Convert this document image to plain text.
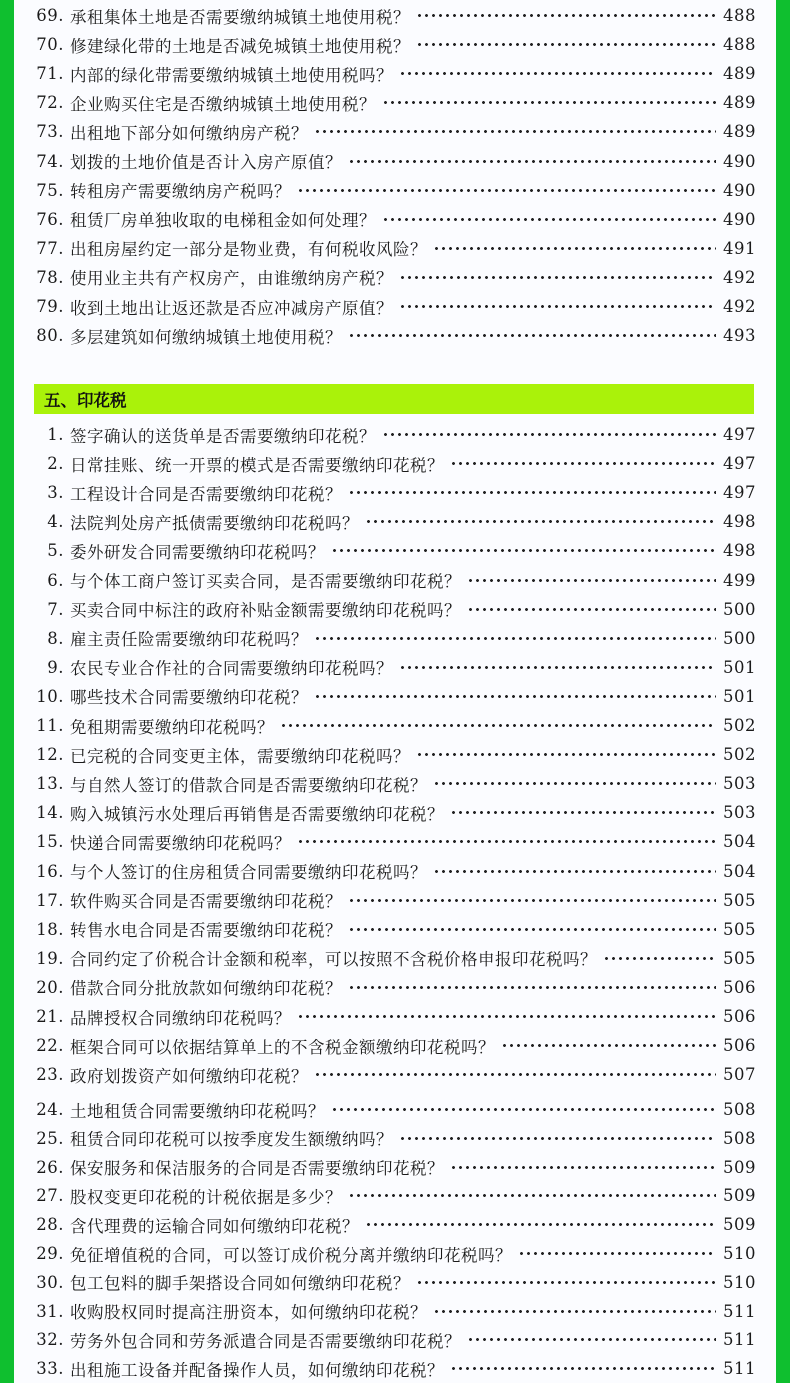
69. 承租集体土地是否需要缴纳城镇土地使用税？	488
70. 修建绿化带的土地是否减免城镇土地使用税？	488
71. 内部的绿化带需要缴纳城镇土地使用税吗？	489
72. 企业购买住宅是否缴纳城镇土地使用税？	489
73. 出租地下部分如何缴纳房产税？	489
74. 划拨的土地价值是否计入房产原值？	490
75. 转租房产需要缴纳房产税吗？	490
76. 租赁厂房单独收取的电梯租金如何处理？	490
77. 出租房屋约定一部分是物业费，有何税收风险？	491
78. 使用业主共有产权房产，由谁缴纳房产税？	492
79. 收到土地出让返还款是否应冲减房产原值？	492
80. 多层建筑如何缴纳城镇土地使用税？	493
五、印花税
1. 签字确认的送货单是否需要缴纳印花税？	497
2. 日常挂账、统一开票的模式是否需要缴纳印花税？	497
3. 工程设计合同是否需要缴纳印花税？	497
4. 法院判处房产抵债需要缴纳印花税吗？	498
5. 委外研发合同需要缴纳印花税吗？	498
6. 与个体工商户签订买卖合同，是否需要缴纳印花税？	499
7. 买卖合同中标注的政府补贴金额需要缴纳印花税吗？	500
8. 雇主责任险需要缴纳印花税吗？	500
9. 农民专业合作社的合同需要缴纳印花税吗？	501
10. 哪些技术合同需要缴纳印花税？	501
11. 免租期需要缴纳印花税吗？	502
12. 已完税的合同变更主体，需要缴纳印花税吗？	502
13. 与自然人签订的借款合同是否需要缴纳印花税？	503
14. 购入城镇污水处理后再销售是否需要缴纳印花税？	503
15. 快递合同需要缴纳印花税吗？	504
16. 与个人签订的住房租赁合同需要缴纳印花税吗？	504
17. 软件购买合同是否需要缴纳印花税？	505
18. 转售水电合同是否需要缴纳印花税？	505
19. 合同约定了价税合计金额和税率，可以按照不含税价格申报印花税吗？	505
20. 借款合同分批放款如何缴纳印花税？	506
21. 品牌授权合同缴纳印花税吗？	506
22. 框架合同可以依据结算单上的不含税金额缴纳印花税吗？	506
23. 政府划拨资产如何缴纳印花税？	507
24. 土地租赁合同需要缴纳印花税吗？	508
25. 租赁合同印花税可以按季度发生额缴纳吗？	508
26. 保安服务和保洁服务的合同是否需要缴纳印花税？	509
27. 股权变更印花税的计税依据是多少？	509
28. 含代理费的运输合同如何缴纳印花税？	509
29. 免征增值税的合同，可以签订成价税分离并缴纳印花税吗？	510
30. 包工包料的脚手架搭设合同如何缴纳印花税？	510
31. 收购股权同时提高注册资本，如何缴纳印花税？	511
32. 劳务外包合同和劳务派遣合同是否需要缴纳印花税？	511
33. 出租施工设备并配备操作人员，如何缴纳印花税？	511
